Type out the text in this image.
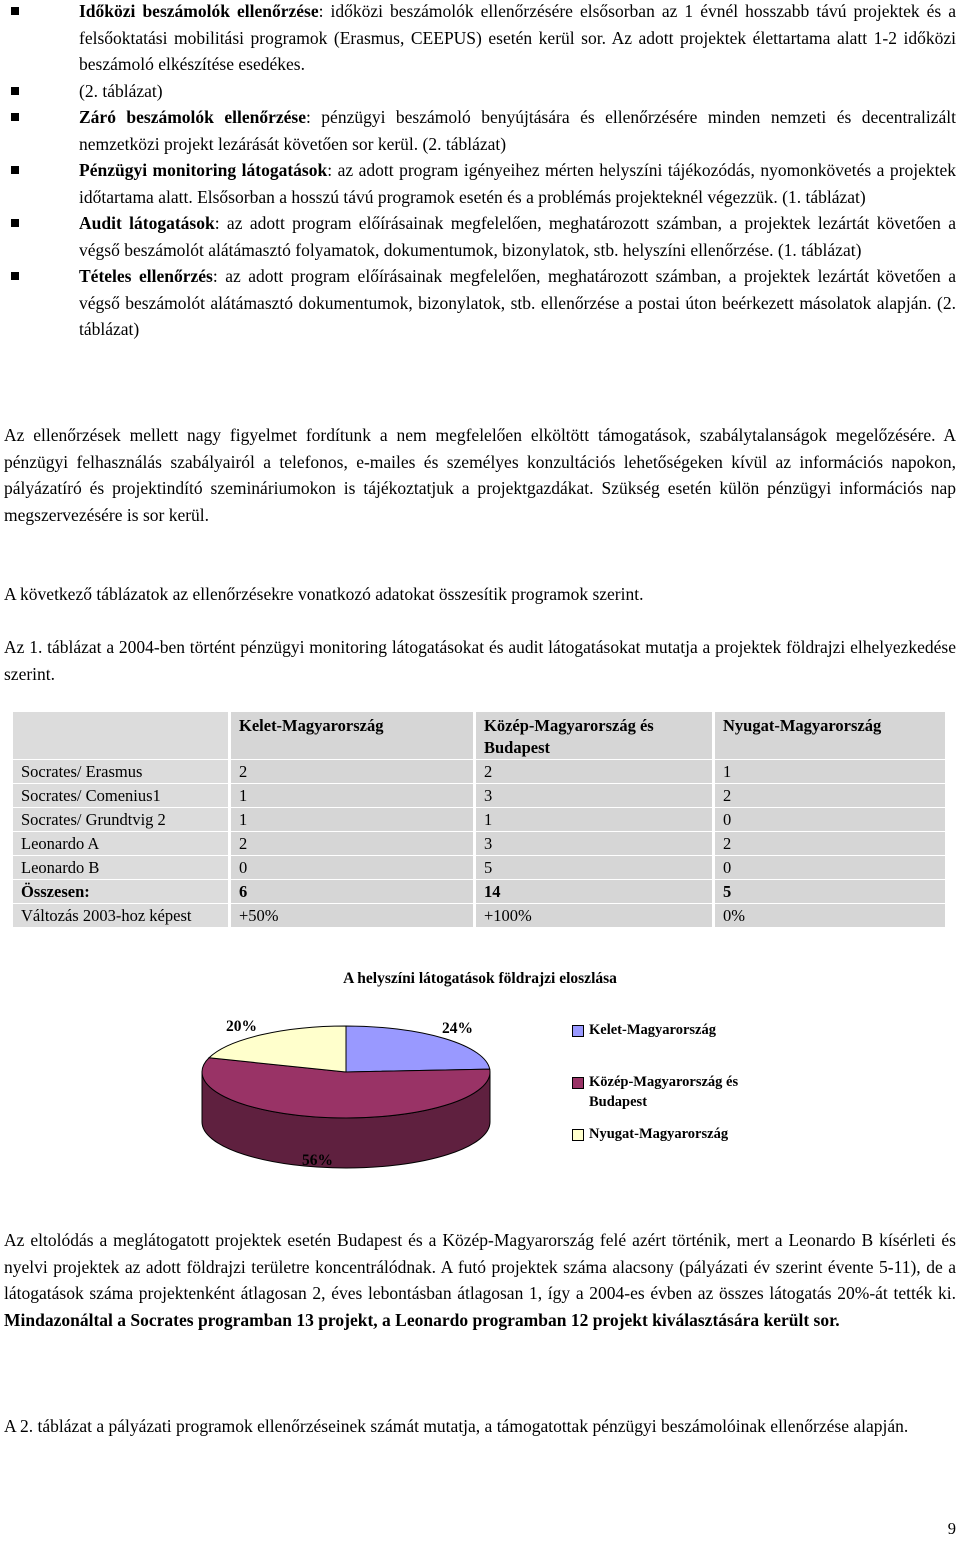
Időközi beszámolók ellenőrzése: időközi beszámolók ellenőrzésére elsősorban az 1 évnél hosszabb távú projektek és a felsőoktatási mobilitási programok (Erasmus, CEEPUS) esetén kerül sor. Az adott projektek élettartama alatt 1-2 időközi beszámoló elkészítése esedékes.
(2. táblázat)
Záró beszámolók ellenőrzése: pénzügyi beszámoló benyújtására és ellenőrzésére minden nemzeti és decentralizált nemzetközi projekt lezárását követően sor kerül. (2. táblázat)
Pénzügyi monitoring látogatások: az adott program igényeihez mérten helyszíni tájékozódás, nyomonkövetés a projektek időtartama alatt. Elsősorban a hosszú távú programok esetén és a problémás projekteknél végezzük. (1. táblázat)
Audit látogatások: az adott program előírásainak megfelelően, meghatározott számban, a projektek lezártát követően a végső beszámolót alátámasztó folyamatok, dokumentumok, bizonylatok, stb. helyszíni ellenőrzése. (1. táblázat)
Tételes ellenőrzés: az adott program előírásainak megfelelően, meghatározott számban, a projektek lezártát követően a végső beszámolót alátámasztó dokumentumok, bizonylatok, stb. ellenőrzése a postai úton beérkezett másolatok alapján. (2. táblázat)

Az ellenőrzések mellett nagy figyelmet fordítunk a nem megfelelően elköltött támogatások, szabálytalanságok megelőzésére. A pénzügyi felhasználás szabályairól a telefonos, e-mailes és személyes konzultációs lehetőségeken kívül az információs napokon, pályázatíró és projektindító szemináriumokon is tájékoztatjuk a projektgazdákat. Szükség esetén külön pénzügyi információs nap megszervezésére is sor kerül.

A következő táblázatok az ellenőrzésekre vonatkozó adatokat összesítik programok szerint.

Az 1. táblázat a 2004-ben történt pénzügyi monitoring látogatásokat és audit látogatásokat mutatja a projektek földrajzi elhelyezkedése szerint.

	Kelet-Magyarország	Közép-Magyarország és Budapest	Nyugat-Magyarország
Socrates/ Erasmus	2	2	1
Socrates/ Comenius1	1	3	2
Socrates/ Grundtvig 2	1	1	0
Leonardo A	2	3	2
Leonardo B	0	5	0
Összesen:	6	14	5
Változás 2003-hoz képest	+50%	+100%	0%
A helyszíni látogatások földrajzi eloszlása
20%	24%
56%
Kelet-Magyarország
Közép-Magyarország és Budapest
Nyugat-Magyarország

Az eltolódás a meglátogatott projektek esetén Budapest és a Közép-Magyarország felé azért történik, mert a Leonardo B kísérleti és nyelvi projektek az adott földrajzi területre koncentrálódnak. A futó projektek száma alacsony (pályázati év szerint évente 5-11), de a látogatások száma projektenként átlagosan 2, éves lebontásban átlagosan 1, így a 2004-es évben az összes látogatás 20%-át tették ki. Mindazonáltal a Socrates programban 13 projekt, a Leonardo programban 12 projekt kiválasztására került sor.

A 2. táblázat a pályázati programok ellenőrzéseinek számát mutatja, a támogatottak pénzügyi beszámolóinak ellenőrzése alapján.

9
